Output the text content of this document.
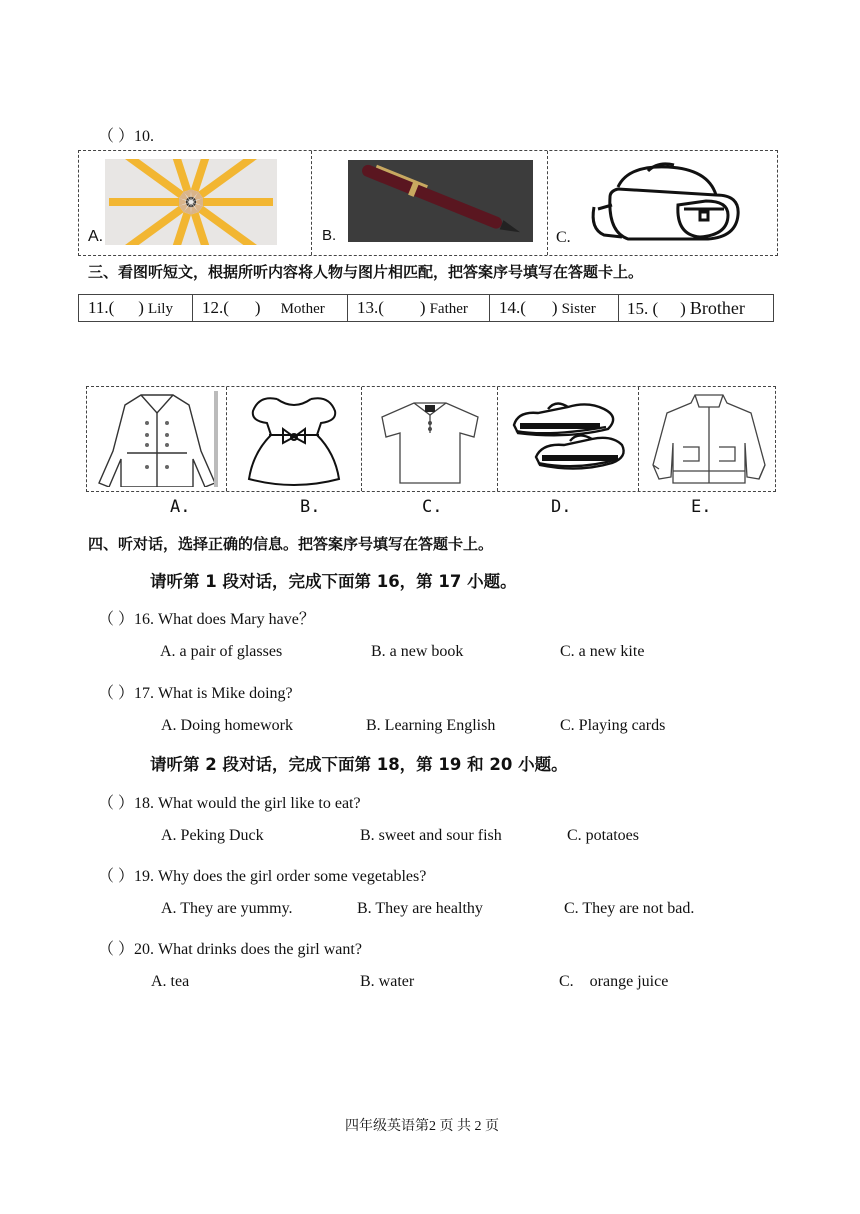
（ ）10.
A.	B.	C.
三、看图听短文，根据所听内容将人物与图片相匹配，把答案序号填写在答题卡上。
11.( ) Lily	12.( ) Mother	13.( ) Father	14.( ) Sister	15. ( ) Brother
A.	B.	C.	D.	E.
四、听对话，选择正确的信息。把答案序号填写在答题卡上。
请听第 1 段对话，完成下面第 16，第 17 小题。
（ ）16. What does Mary have？
A. a pair of glasses	B. a new book	C. a new kite
（ ）17. What is Mike doing?
A. Doing homework	B. Learning English	C. Playing cards
请听第 2 段对话，完成下面第 18，第 19 和 20 小题。
（ ）18. What would the girl like to eat?
A. Peking Duck	B. sweet and sour fish	C. potatoes
（ ）19. Why does the girl order some vegetables?
A. They are yummy.	B. They are healthy	C. They are not bad.
（ ）20. What drinks does the girl want?
A. tea	B. water	C.    orange juice
四年级英语第2 页 共 2 页
